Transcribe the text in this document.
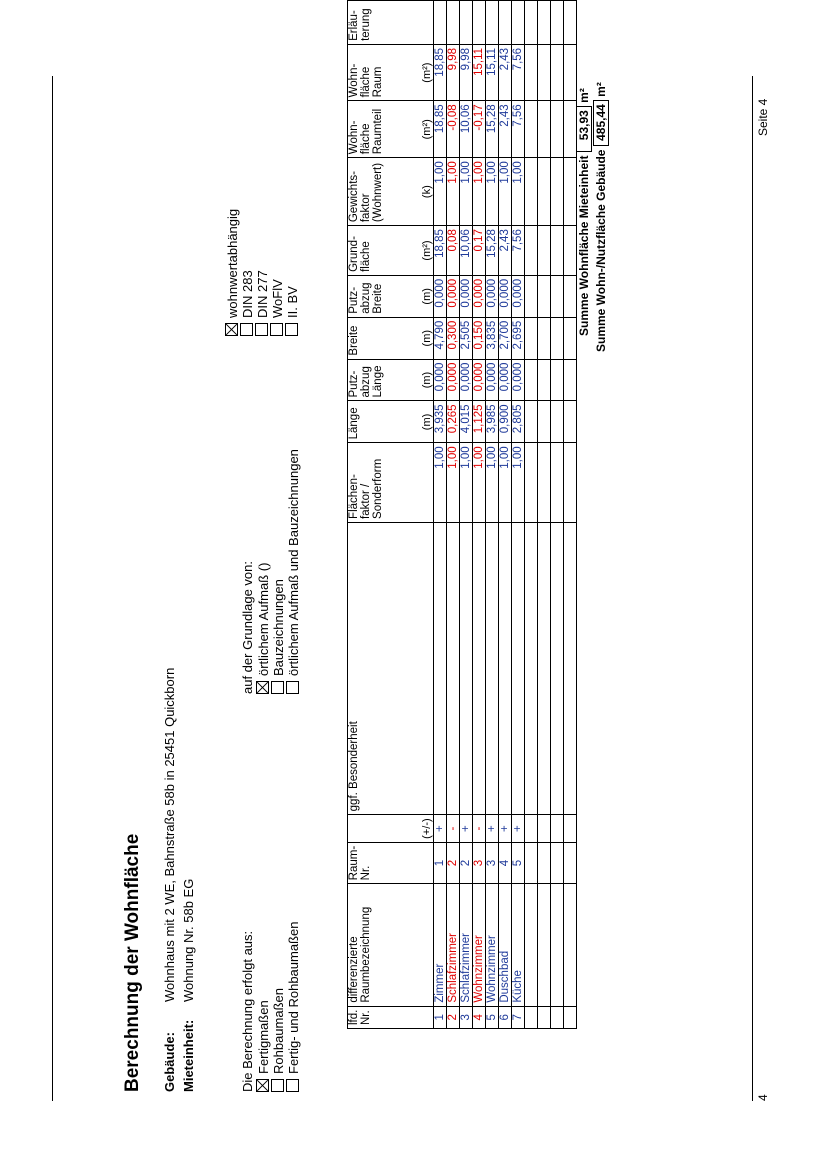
4
Seite 4
Berechnung der Wohnfläche Gebäude:
Wohnhaus mit 2 WE, Bahnstraße 58b in 25451 Quickborn
Mieteinheit:
Wohnung Nr. 58b EG	Die Berechnung erfolgt aus: Fertigmaßen Rohbaumaßen Fertig- und Rohbaumaßen
auf der Grundlage von: örtlichem Aufmaß () Bauzeichnungen örtlichem Aufmaß und Bauzeichnungen
wohnwertabhängig DIN 283 DIN 277 WoFlV II. BV
lfd. Nr.	differenzierte Raumbezeichnung	Raum- Nr.		ggf. Besonderheit	Flächen- faktor / Sonderform	Länge	Putz- abzug Länge	Breite	Putz- abzug Breite	Grund- fläche	Gewichts- faktor (Wohnwert)	Wohn- fläche Raumteil	Wohn- fläche Raum	Erläu- terung
			(+/-)			(m)	(m)	(m)	(m)	(m²)	(k)	(m²)	(m²)	
1	Zimmer	1	+		1,00	3,935	0,000	4,790	0,000	18,85	1,00	18,85	18,85	
2	Schlafzimmer	2	-		1,00	0,265	0,000	0,300	0,000	0,08	1,00	-0,08	9,98	
3	Schlafzimmer	2	+		1,00	4,015	0,000	2,505	0,000	10,06	1,00	10,06	9,98	
4	Wohnzimmer	3	-		1,00	1,125	0,000	0,150	0,000	0,17	1,00	-0,17	15,11	
5	Wohnzimmer	3	+		1,00	3,985	0,000	3,835	0,000	15,28	1,00	15,28	15,11	
6	Duschbad	4	+		1,00	0,900	0,000	2,700	0,000	2,43	1,00	2,43	2,43	
7	Küche	5	+		1,00	2,805	0,000	2,695	0,000	7,56	1,00	7,56	7,56	

Summe Wohnfläche Mieteinheit 53,93 m²
Summe Wohn-/Nutzfläche Gebäude 485,44 m²
